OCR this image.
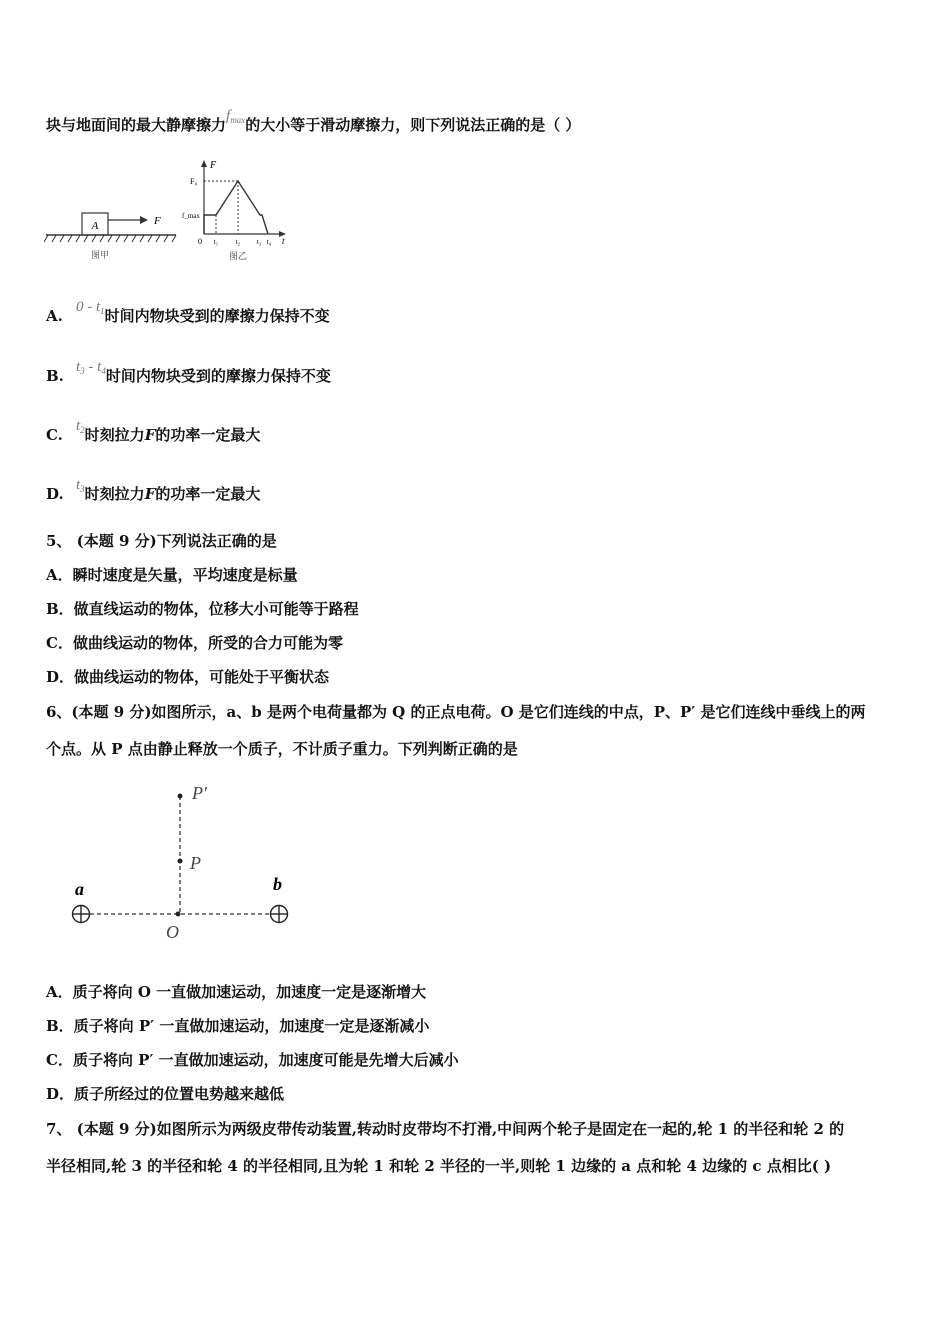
块与地面间的最大静摩擦力$f_{max}$的大小等于滑动摩擦力，则下列说法正确的是（ ）
A	F
图甲
F
t
F₀
f_max
0 t₁	t₂ t₃ t₄
图乙
A. $0 - t_1$时间内物块受到的摩擦力保持不变
B. $t_3 - t_4$时间内物块受到的摩擦力保持不变
C. $t_2$时刻拉力F的功率一定最大
D. $t_3$时刻拉力F的功率一定最大
5、 (本题 9 分)下列说法正确的是
A．瞬时速度是矢量，平均速度是标量
B．做直线运动的物体，位移大小可能等于路程
C．做曲线运动的物体，所受的合力可能为零
D．做曲线运动的物体，可能处于平衡状态
6、(本题 9 分)如图所示，a、b 是两个电荷量都为 Q 的正点电荷。O 是它们连线的中点，P、P′ 是它们连线中垂线上的两
个点。从 P 点由静止释放一个质子，不计质子重力。下列判断正确的是
a	b
O
P
P′
A．质子将向 O 一直做加速运动，加速度一定是逐渐增大
B．质子将向 P′ 一直做加速运动，加速度一定是逐渐减小
C．质子将向 P′ 一直做加速运动，加速度可能是先增大后减小
D．质子所经过的位置电势越来越低
7、 (本题 9 分)如图所示为两级皮带传动装置,转动时皮带均不打滑,中间两个轮子是固定在一起的,轮 1 的半径和轮 2 的
半径相同,轮 3 的半径和轮 4 的半径相同,且为轮 1 和轮 2 半径的一半,则轮 1 边缘的 a 点和轮 4 边缘的 c 点相比( )
